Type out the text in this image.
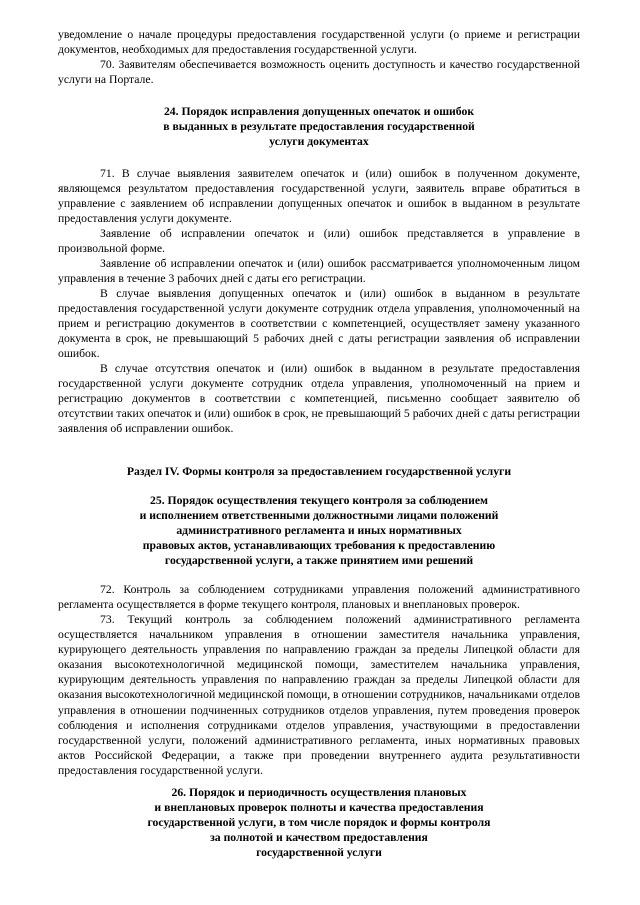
уведомление о начале процедуры предоставления государственной услуги (о приеме и регистрации документов, необходимых для предоставления государственной услуги.

70. Заявителям обеспечивается возможность оценить доступность и качество государственной услуги на Портале.

24. Порядок исправления допущенных опечаток и ошибок
в выданных в результате предоставления государственной
услуги документах

71. В случае выявления заявителем опечаток и (или) ошибок в полученном документе, являющемся результатом предоставления государственной услуги, заявитель вправе обратиться в управление с заявлением об исправлении допущенных опечаток и ошибок в выданном в результате предоставления услуги документе.

Заявление об исправлении опечаток и (или) ошибок представляется в управление в произвольной форме.

Заявление об исправлении опечаток и (или) ошибок рассматривается уполномоченным лицом управления в течение 3 рабочих дней с даты его регистрации.

В случае выявления допущенных опечаток и (или) ошибок в выданном в результате предоставления государственной услуги документе сотрудник отдела управления, уполномоченный на прием и регистрацию документов в соответствии с компетенцией, осуществляет замену указанного документа в срок, не превышающий 5 рабочих дней с даты регистрации заявления об исправлении ошибок.

В случае отсутствия опечаток и (или) ошибок в выданном в результате предоставления государственной услуги документе сотрудник отдела управления, уполномоченный на прием и регистрацию документов в соответствии с компетенцией, письменно сообщает заявителю об отсутствии таких опечаток и (или) ошибок в срок, не превышающий 5 рабочих дней с даты регистрации заявления об исправлении ошибок.

Раздел IV. Формы контроля за предоставлением государственной услуги
25. Порядок осуществления текущего контроля за соблюдением
и исполнением ответственными должностными лицами положений
административного регламента и иных нормативных
правовых актов, устанавливающих требования к предоставлению
государственной услуги, а также принятием ими решений

72. Контроль за соблюдением сотрудниками управления положений административного регламента осуществляется в форме текущего контроля, плановых и внеплановых проверок.

73. Текущий контроль за соблюдением положений административного регламента осуществляется начальником управления в отношении заместителя начальника управления, курирующего деятельность управления по направлению граждан за пределы Липецкой области для оказания высокотехнологичной медицинской помощи, заместителем начальника управления, курирующим деятельность управления по направлению граждан за пределы Липецкой области для оказания высокотехнологичной медицинской помощи, в отношении сотрудников, начальниками отделов управления в отношении подчиненных сотрудников отделов управления, путем проведения проверок соблюдения и исполнения сотрудниками отделов управления, участвующими в предоставлении государственной услуги, положений административного регламента, иных нормативных правовых актов Российской Федерации, а также при проведении внутреннего аудита результативности предоставления государственной услуги.

26. Порядок и периодичность осуществления плановых
и внеплановых проверок полноты и качества предоставления
государственной услуги, в том числе порядок и формы контроля
за полнотой и качеством предоставления
государственной услуги
